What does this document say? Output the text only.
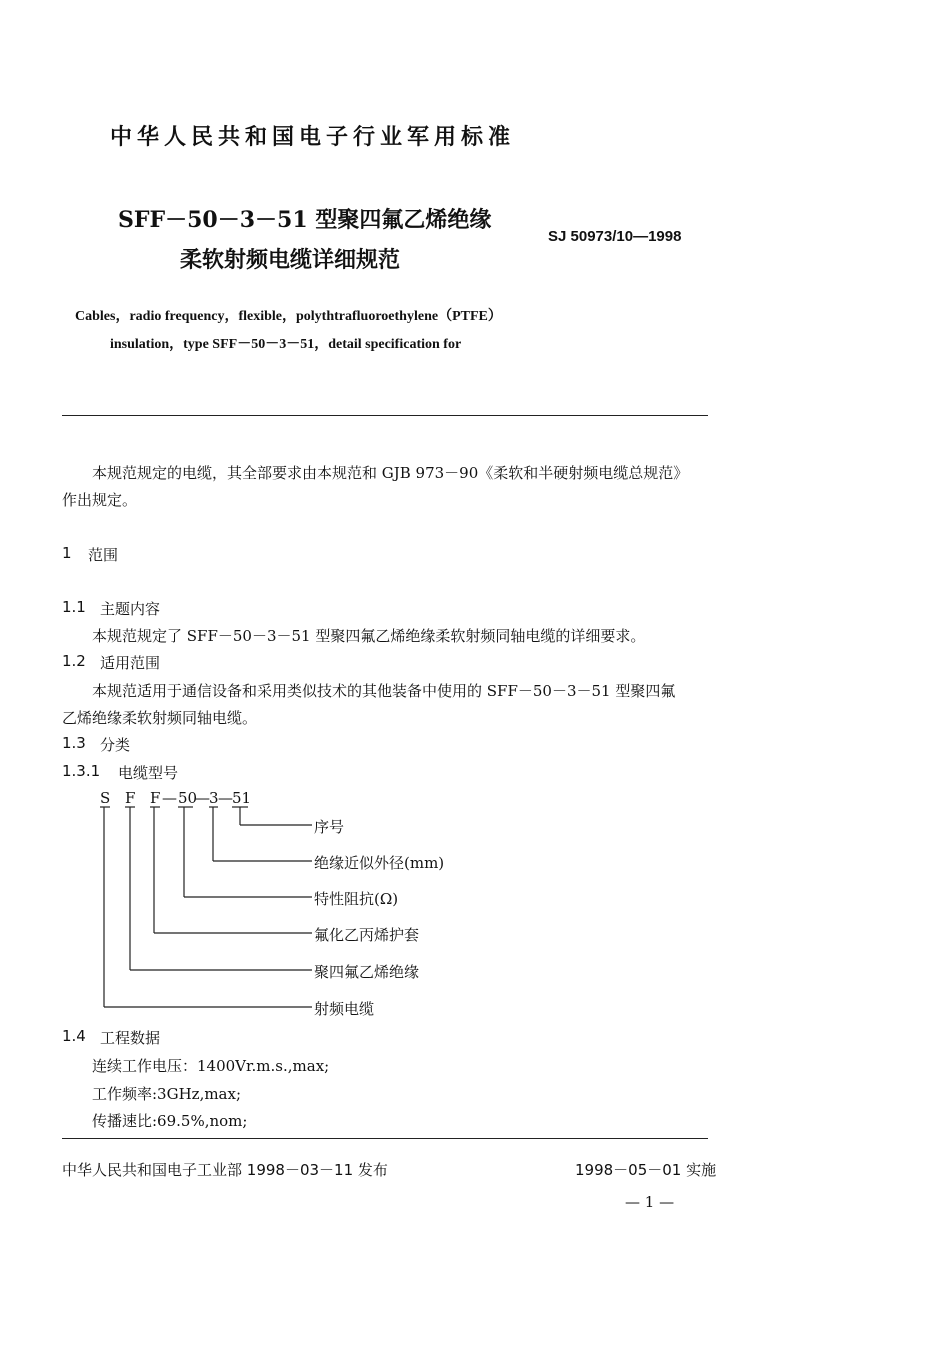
中华人民共和国电子行业军用标准
SFF－50－3－51 型聚四氟乙烯绝缘
柔软射频电缆详细规范
SJ 50973/10—1998
Cables，radio frequency，flexible，polythtrafluoroethylene（PTFE）
insulation，type SFF－50－3－51，detail specification for
本规范规定的电缆，其全部要求由本规范和 GJB 973－90《柔软和半硬射频电缆总规范》
作出规定。
1 范围
1.1 主题内容
本规范规定了 SFF－50－3－51 型聚四氟乙烯绝缘柔软射频同轴电缆的详细要求。
1.2 适用范围
本规范适用于通信设备和采用类似技术的其他装备中使用的 SFF－50－3－51 型聚四氟
乙烯绝缘柔软射频同轴电缆。
1.3 分类
1.3.1 电缆型号
S F F — 50
— 3 — 51
序号
绝缘近似外径(mm)
特性阻抗(Ω)
氟化乙丙烯护套
聚四氟乙烯绝缘
射频电缆
1.4 工程数据
连续工作电压：1400Vr.m.s.,max;
工作频率:3GHz,max;
传播速比:69.5%,nom;
中华人民共和国电子工业部 1998－03－11 发布	1998－05－01 实施
— 1 —
